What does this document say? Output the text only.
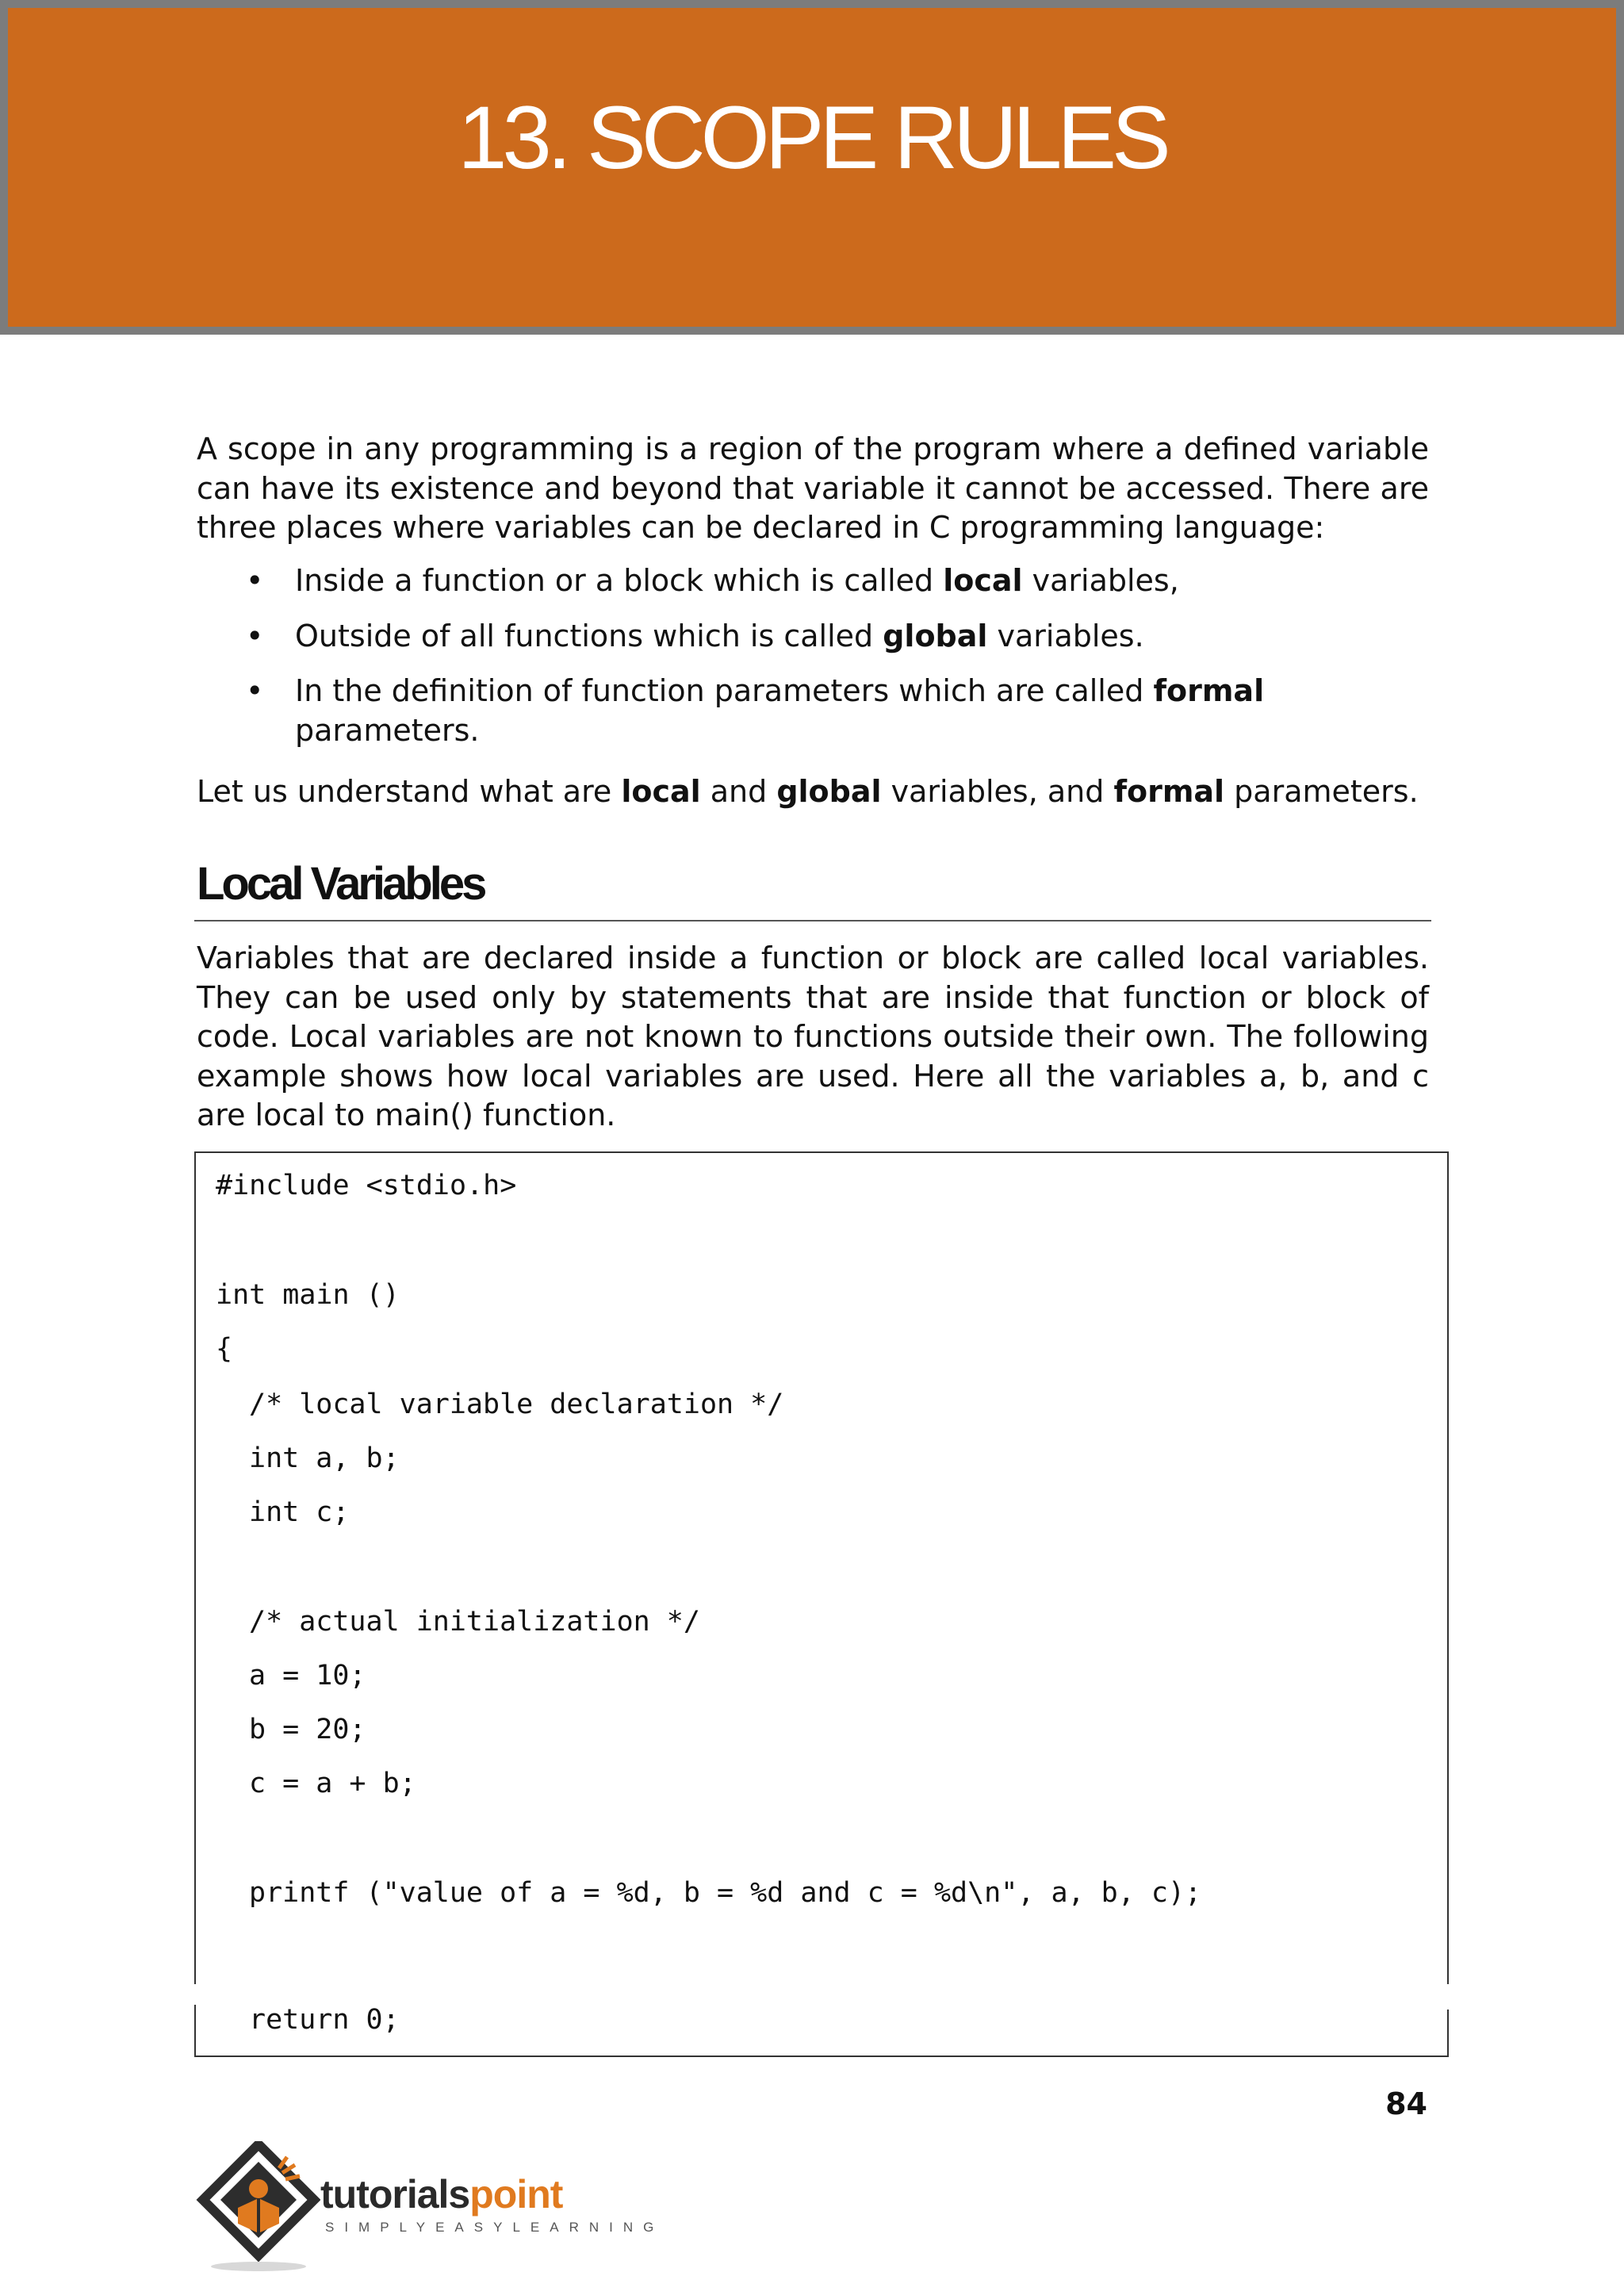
13. SCOPE RULES
A scope in any programming is a region of the program where a defined variable can have its existence and beyond that variable it cannot be accessed. There are three places where variables can be declared in C programming language:
• Inside a function or a block which is called local variables,
• Outside of all functions which is called global variables.
• In the definition of function parameters which are called formal parameters.
Let us understand what are local and global variables, and formal parameters.
Local Variables
Variables that are declared inside a function or block are called local variables. They can be used only by statements that are inside that function or block of code. Local variables are not known to functions outside their own. The following example shows how local variables are used. Here all the variables a, b, and c are local to main() function.
#include <stdio.h>
int main ()
{
/* local variable declaration */
int a, b;
int c;
/* actual initialization */
a = 10;
b = 20;
c = a + b;
printf ("value of a = %d, b = %d and c = %d\n", a, b, c);
return 0;
84
tutorialspoint
SIMPLYEASYLEARNING
